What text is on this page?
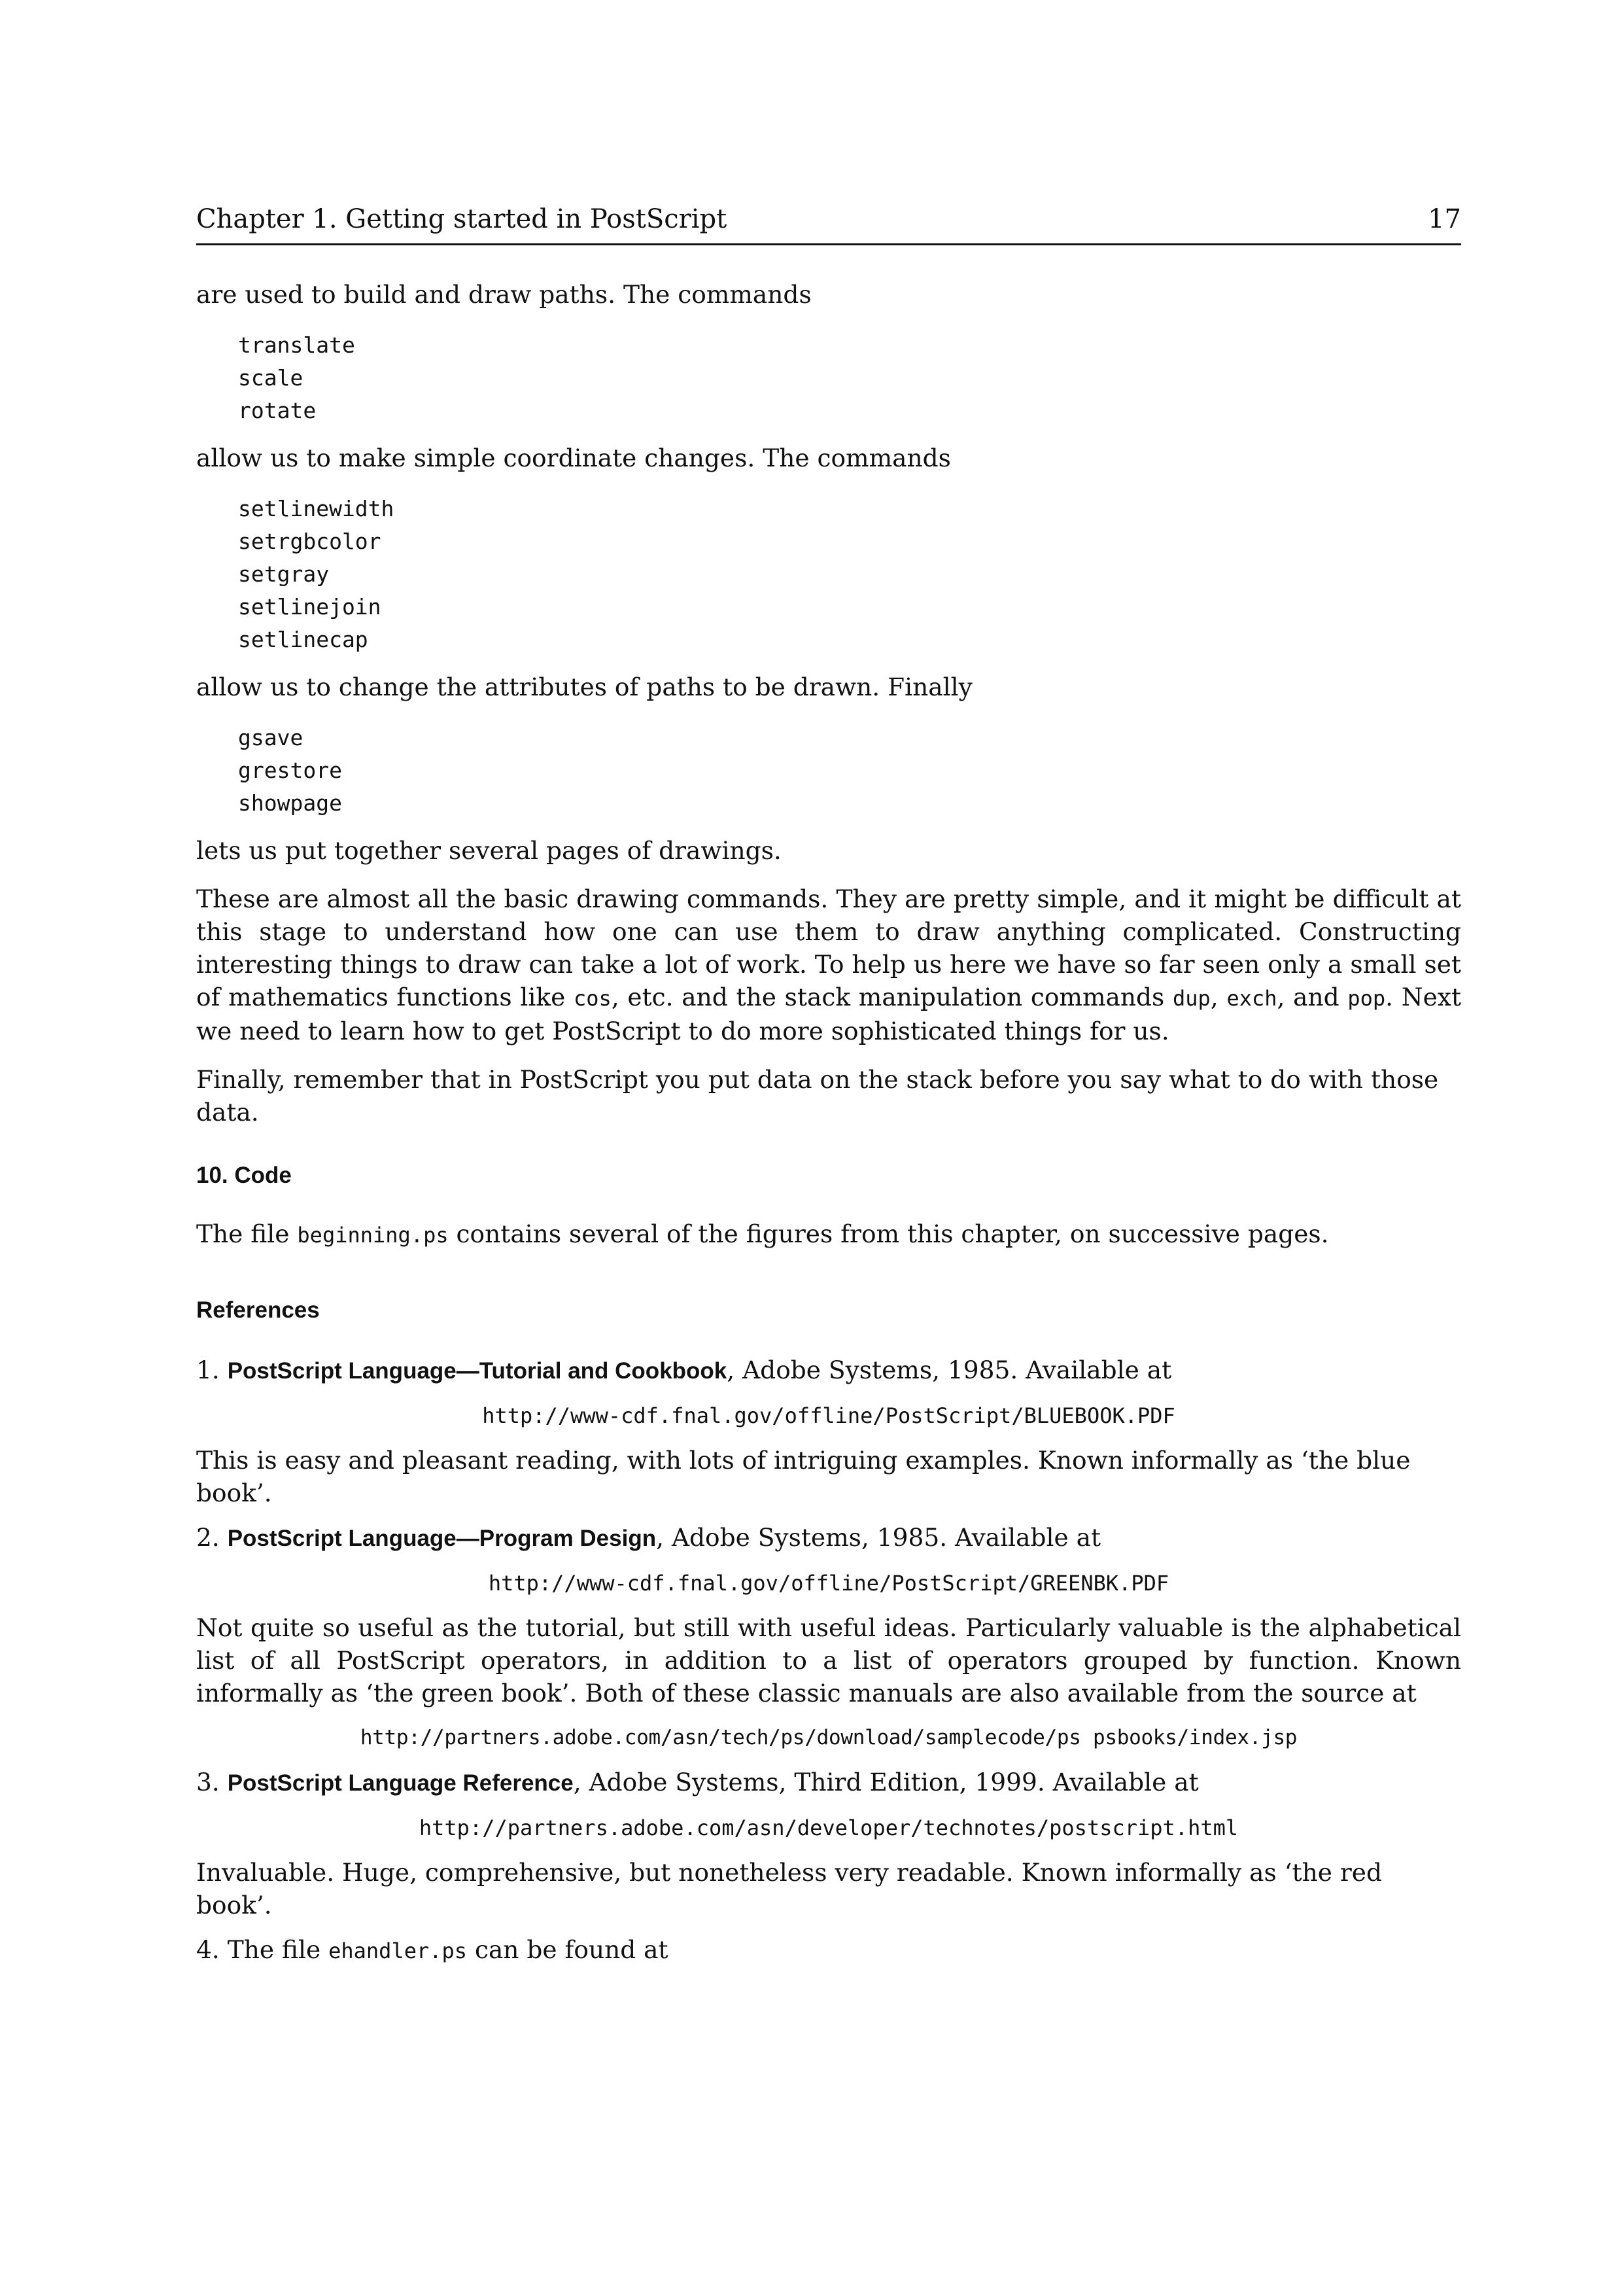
Chapter 1. Getting started in PostScript	17

are used to build and draw paths. The commands

translate
scale
rotate

allow us to make simple coordinate changes. The commands

setlinewidth
setrgbcolor
setgray
setlinejoin
setlinecap

allow us to change the attributes of paths to be drawn. Finally

gsave
grestore
showpage

lets us put together several pages of drawings.

These are almost all the basic drawing commands. They are pretty simple, and it might be difficult at this stage to understand how one can use them to draw anything complicated. Constructing interesting things to draw can take a lot of work. To help us here we have so far seen only a small set of mathematics functions like cos, etc. and the stack manipulation commands dup, exch, and pop. Next we need to learn how to get PostScript to do more sophisticated things for us.

Finally, remember that in PostScript you put data on the stack before you say what to do with those data.

10. Code

The file beginning.ps contains several of the figures from this chapter, on successive pages.

References

1. PostScript Language—Tutorial and Cookbook, Adobe Systems, 1985. Available at

http://www-cdf.fnal.gov/offline/PostScript/BLUEBOOK.PDF

This is easy and pleasant reading, with lots of intriguing examples. Known informally as ‘the blue book’.

2. PostScript Language—Program Design, Adobe Systems, 1985. Available at

http://www-cdf.fnal.gov/offline/PostScript/GREENBK.PDF

Not quite so useful as the tutorial, but still with useful ideas. Particularly valuable is the alphabetical list of all PostScript operators, in addition to a list of operators grouped by function. Known informally as ‘the green book’. Both of these classic manuals are also available from the source at

http://partners.adobe.com/asn/tech/ps/download/samplecode/ps psbooks/index.jsp

3. PostScript Language Reference, Adobe Systems, Third Edition, 1999. Available at

http://partners.adobe.com/asn/developer/technotes/postscript.html

Invaluable. Huge, comprehensive, but nonetheless very readable. Known informally as ‘the red book’.

4. The file ehandler.ps can be found at
